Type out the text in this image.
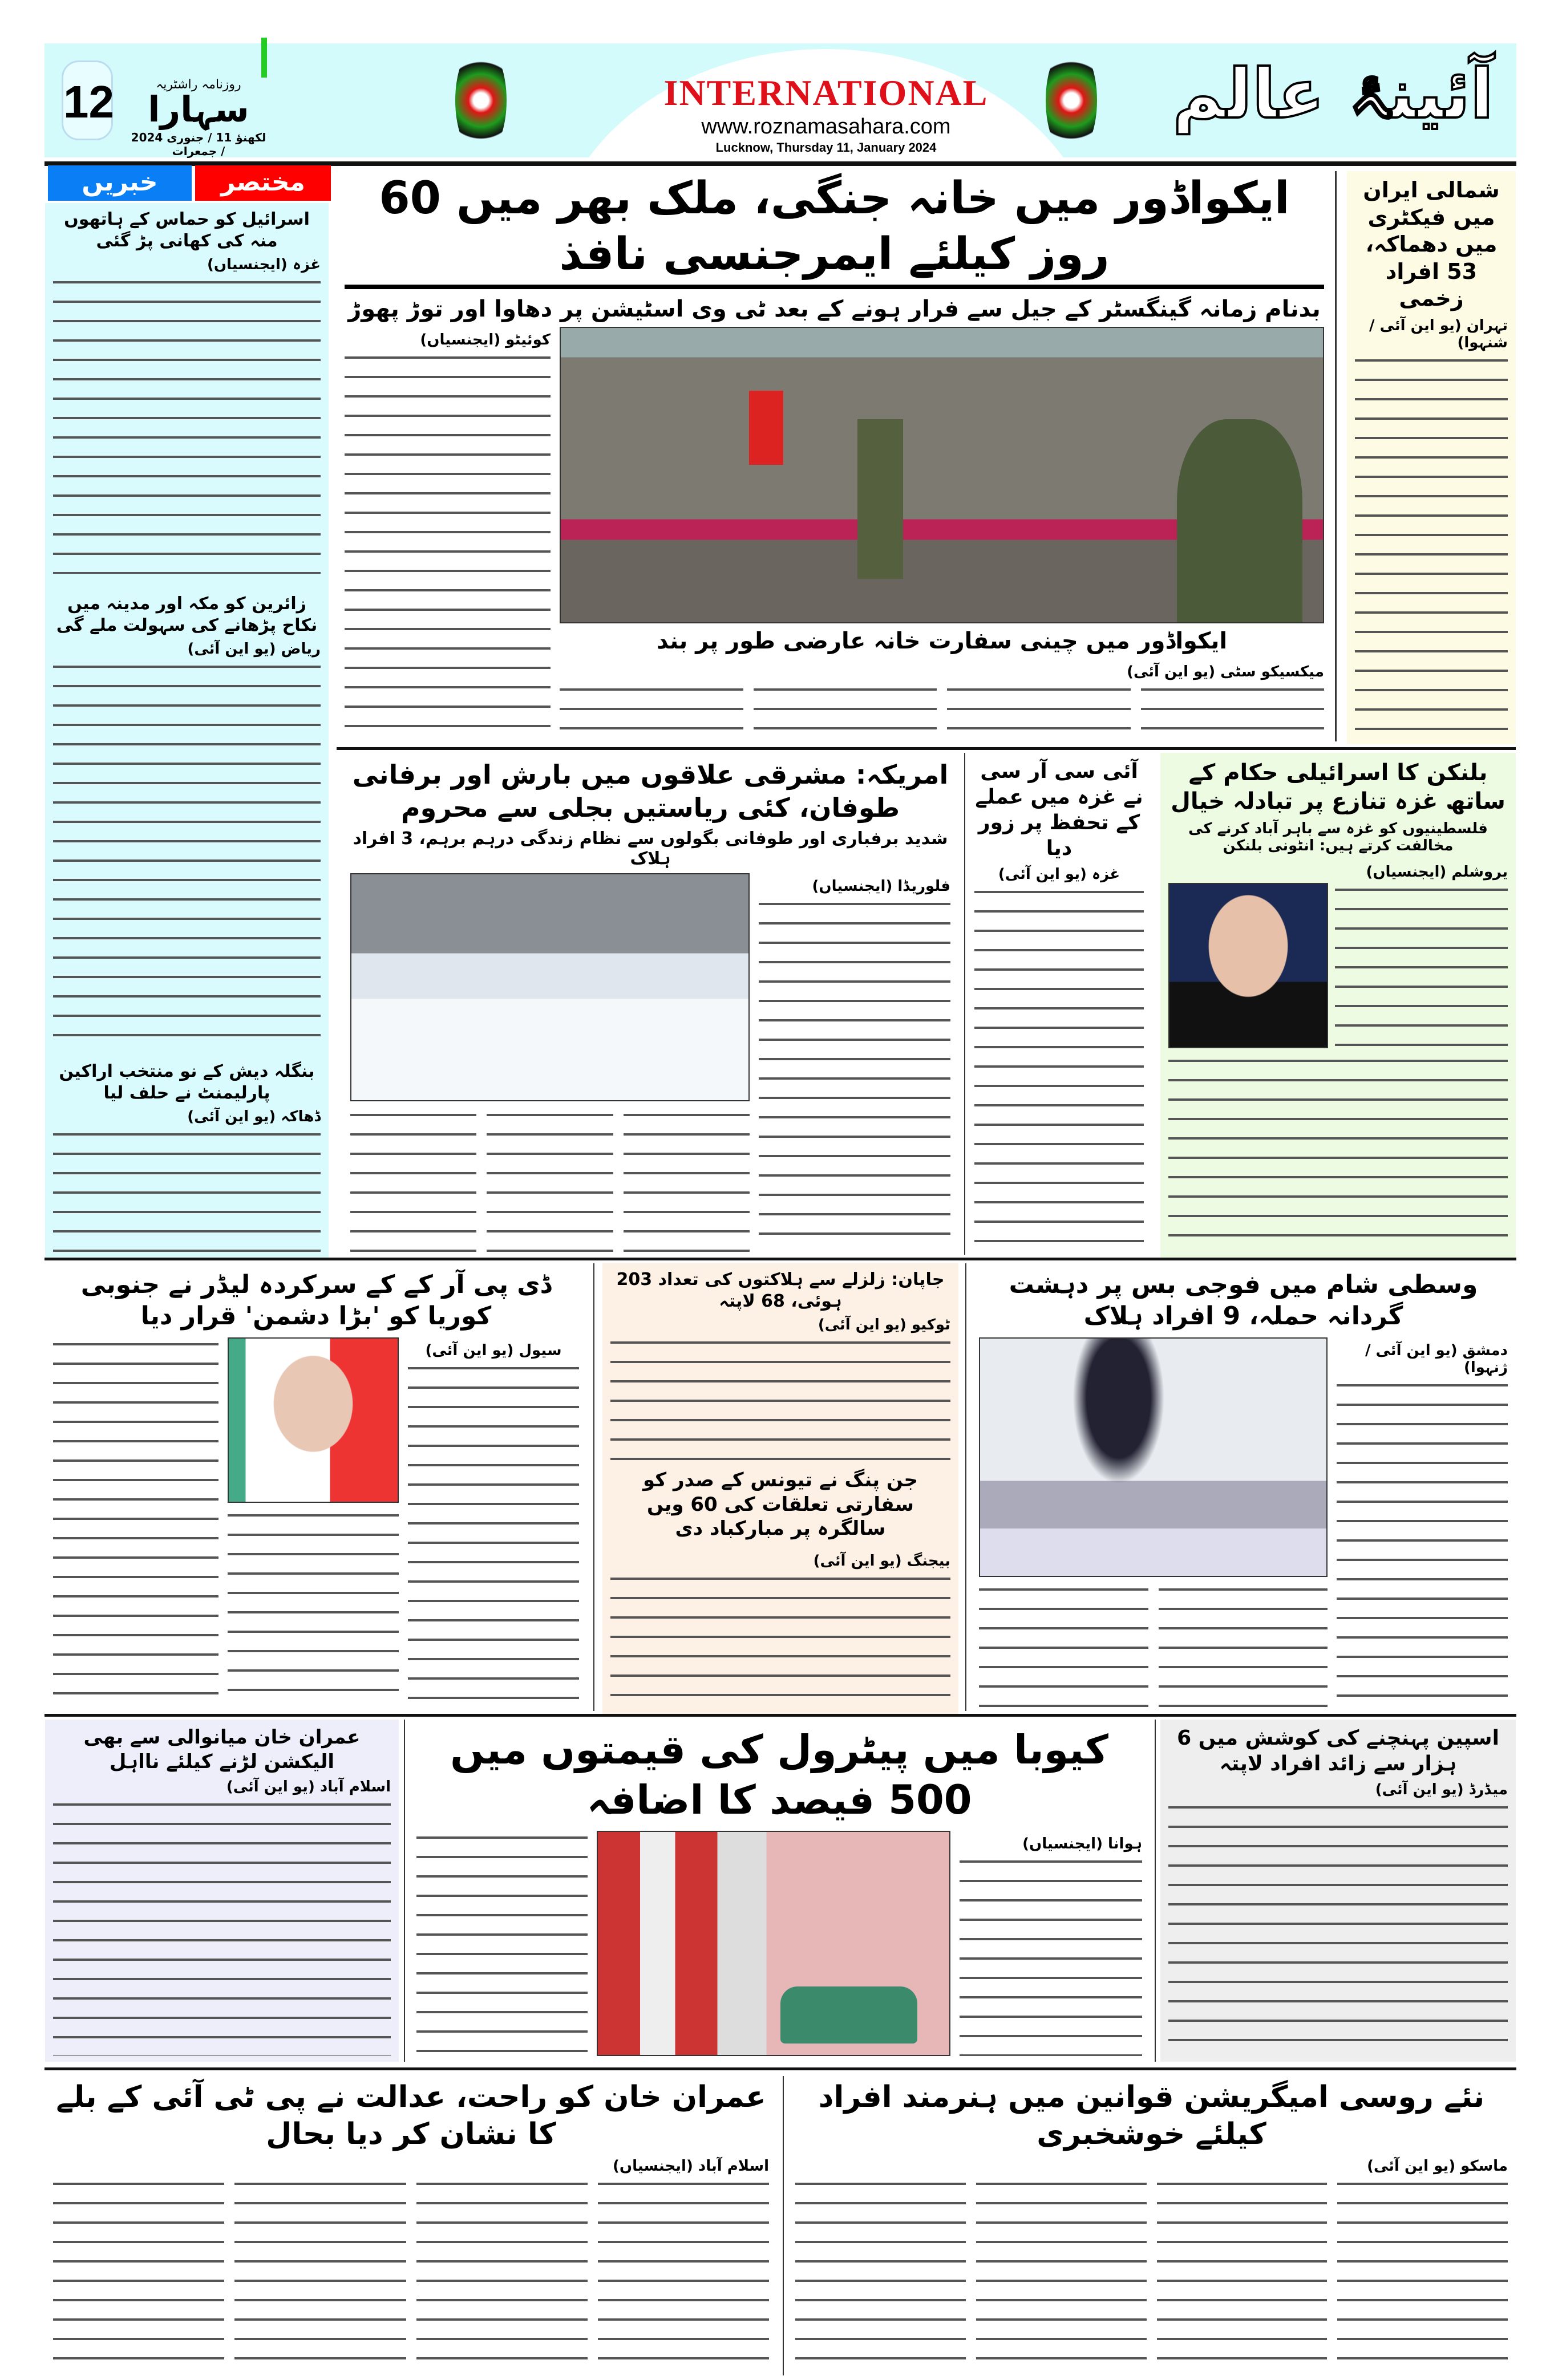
12	روزنامہ راشٹریہ
سہارا
لکھنؤ 11 / جنوری 2024 / جمعرات
INTERNATIONAL
www.roznamasahara.com
Lucknow, Thursday 11, January 2024
آئینۂ عالم
خبریں	مختصر
اسرائیل کو حماس کے ہاتھوں منہ کی کھانی پڑ گئی
غزہ (ایجنسیاں)
زائرین کو مکہ اور مدینہ میں نکاح پڑھانے کی سہولت ملے گی
ریاض (یو این آئی)
بنگلہ دیش کے نو منتخب اراکین پارلیمنٹ نے حلف لیا
ڈھاکہ (یو این آئی)
ایکواڈور میں خانہ جنگی، ملک بھر میں 60 روز کیلئے ایمرجنسی نافذ
بدنام زمانہ گینگسٹر کے جیل سے فرار ہونے کے بعد ٹی وی اسٹیشن پر دھاوا اور توڑ پھوڑ
ایکواڈور میں چینی سفارت خانہ عارضی طور پر بند
میکسیکو سٹی (یو این آئی)
کوئیٹو (ایجنسیاں)
شمالی ایران میں فیکٹری میں دھماکہ، 53 افراد زخمی
تہران (یو این آئی / شنہوا)
امریکہ: مشرقی علاقوں میں بارش اور برفانی طوفان، کئی ریاستیں بجلی سے محروم
شدید برفباری اور طوفانی بگولوں سے نظام زندگی درہم برہم، 3 افراد ہلاک
فلوریڈا (ایجنسیاں)
آئی سی آر سی نے غزہ میں عملے کے تحفظ پر زور دیا
غزہ (یو این آئی)
بلنکن کا اسرائیلی حکام کے ساتھ غزہ تنازع پر تبادلہ خیال
فلسطینیوں کو غزہ سے باہر آباد کرنے کی مخالفت کرتے ہیں: انٹونی بلنکن
یروشلم (ایجنسیاں)
ڈی پی آر کے کے سرکردہ لیڈر نے جنوبی کوریا کو 'بڑا دشمن' قرار دیا
سیول (یو این آئی)
جاپان: زلزلے سے ہلاکتوں کی تعداد 203 ہوئی، 68 لاپتہ
ٹوکیو (یو این آئی)
جن پنگ نے تیونس کے صدر کو سفارتی تعلقات کی 60 ویں سالگرہ پر مبارکباد دی
بیجنگ (یو این آئی)
وسطی شام میں فوجی بس پر دہشت گردانہ حملہ، 9 افراد ہلاک
دمشق (یو این آئی / ژنہوا)
عمران خان میانوالی سے بھی الیکشن لڑنے کیلئے نااہل
اسلام آباد (یو این آئی)
کیوبا میں پیٹرول کی قیمتوں میں 500 فیصد کا اضافہ
ہوانا (ایجنسیاں)
اسپین پہنچنے کی کوشش میں 6 ہزار سے زائد افراد لاپتہ
میڈرڈ (یو این آئی)
عمران خان کو راحت، عدالت نے پی ٹی آئی کے بلے کا نشان کر دیا بحال
اسلام آباد (ایجنسیاں)
نئے روسی امیگریشن قوانین میں ہنرمند افراد کیلئے خوشخبری
ماسکو (یو این آئی)
